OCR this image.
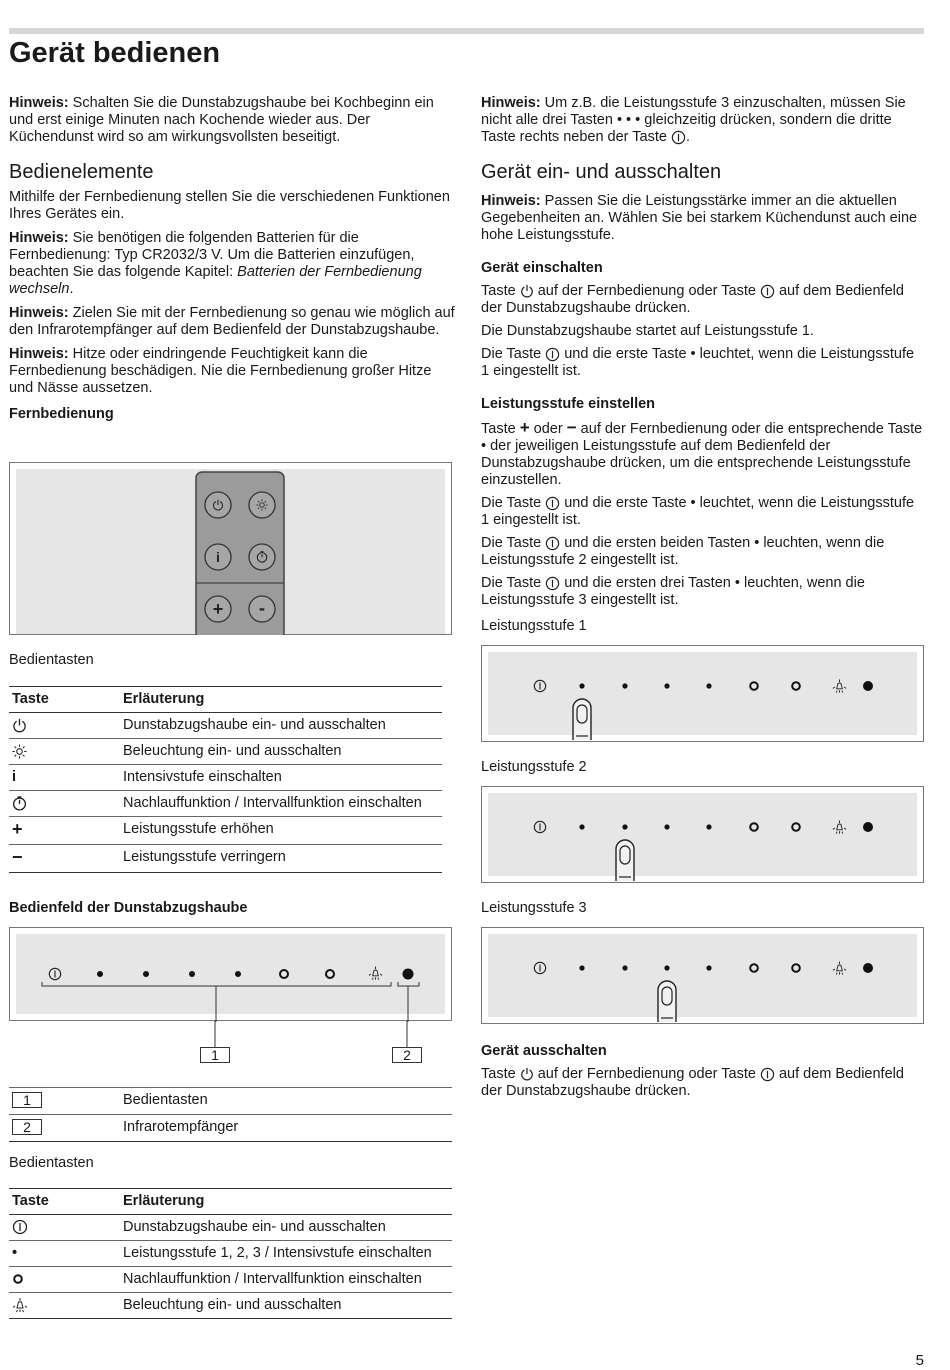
Gerät bedienen

Hinweis: Schalten Sie die Dunstabzugshaube bei Kochbeginn ein und erst einige Minuten nach Kochende wieder aus. Der Küchendunst wird so am wirkungsvollsten beseitigt.

Bedienelemente

Mithilfe der Fernbedienung stellen Sie die verschiedenen Funktionen Ihres Gerätes ein.

Hinweis: Sie benötigen die folgenden Batterien für die Fernbedienung: Typ CR2032/3 V. Um die Batterien einzufügen, beachten Sie das folgende Kapitel: Batterien der Fernbedienung wechseln.

Hinweis: Zielen Sie mit der Fernbedienung so genau wie möglich auf den Infrarotempfänger auf dem Bedienfeld der Dunstabzugshaube.

Hinweis: Hitze oder eindringende Feuchtigkeit kann die Fernbedienung beschädigen. Nie die Fernbedienung großer Hitze und Nässe aussetzen.

Fernbedienung
i
+ -

Bedientasten

Taste	Erläuterung
	Dunstabzugshaube ein- und ausschalten
	Beleuchtung ein- und ausschalten
i	Intensivstufe einschalten
	Nachlauffunktion / Intervallfunktion einschalten
+	Leistungsstufe erhöhen
−	Leistungsstufe verringern
Bedienfeld der Dunstabzugshaube
1	2
1	Bedientasten
2	Infrarotempfänger

Bedientasten

Taste	Erläuterung
	Dunstabzugshaube ein- und ausschalten
•	Leistungsstufe 1, 2, 3 / Intensivstufe einschalten
	Nachlauffunktion / Intervallfunktion einschalten
	Beleuchtung ein- und ausschalten

Hinweis: Um z.B. die Leistungsstufe 3 einzuschalten, müssen Sie nicht alle drei Tasten • • • gleichzeitig drücken, sondern die dritte Taste rechts neben der Taste .

Gerät ein- und ausschalten

Hinweis: Passen Sie die Leistungsstärke immer an die aktuellen Gegebenheiten an. Wählen Sie bei starkem Küchendunst auch eine hohe Leistungsstufe.

Gerät einschalten

Taste  auf der Fernbedienung oder Taste  auf dem Bedienfeld der Dunstabzugshaube drücken.

Die Dunstabzugshaube startet auf Leistungsstufe 1.

Die Taste  und die erste Taste • leuchtet, wenn die Leistungsstufe 1 eingestellt ist.

Leistungsstufe einstellen

Taste + oder − auf der Fernbedienung oder die entsprechende Taste • der jeweiligen Leistungsstufe auf dem Bedienfeld der Dunstabzugshaube drücken, um die entsprechende Leistungsstufe einzustellen.

Die Taste  und die erste Taste • leuchtet, wenn die Leistungsstufe 1 eingestellt ist.

Die Taste  und die ersten beiden Tasten • leuchten, wenn die Leistungsstufe 2 eingestellt ist.

Die Taste  und die ersten drei Tasten • leuchten, wenn die Leistungsstufe 3 eingestellt ist.

Leistungsstufe 1

Leistungsstufe 2

Leistungsstufe 3

Gerät ausschalten

Taste  auf der Fernbedienung oder Taste  auf dem Bedienfeld der Dunstabzugshaube drücken.

5
